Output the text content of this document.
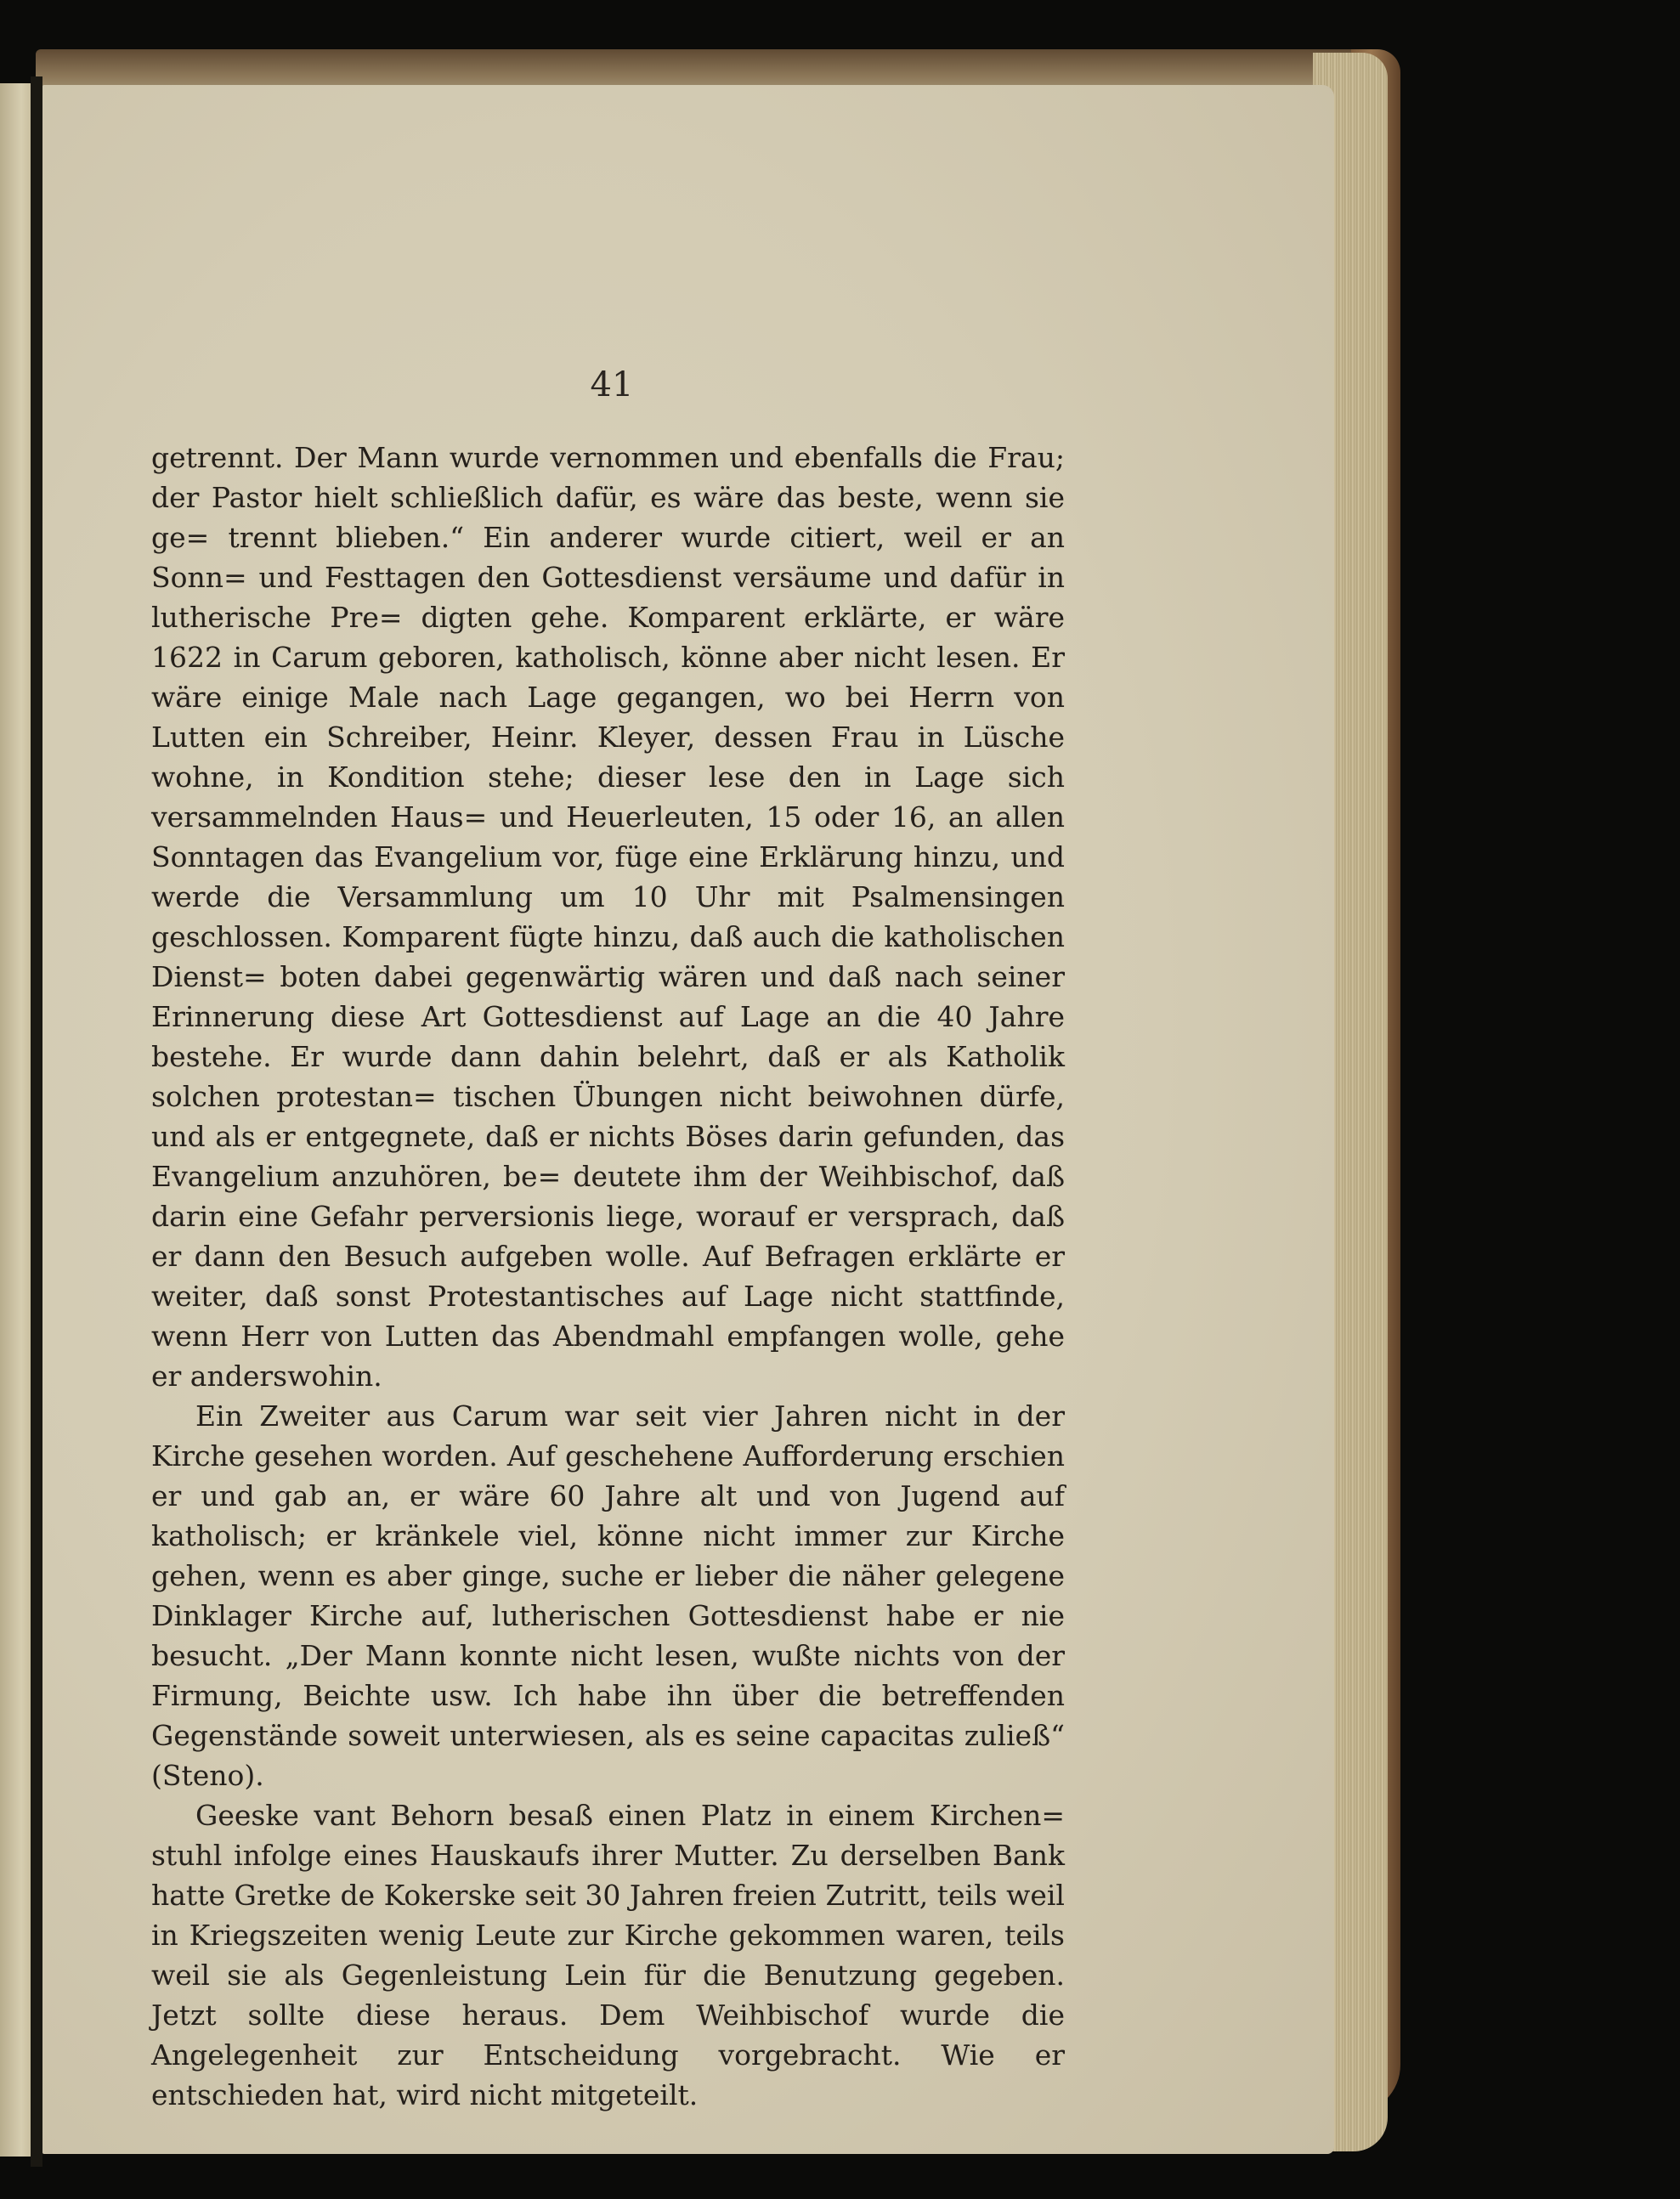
41

getrennt. Der Mann wurde vernommen und ebenfalls die Frau; der Pastor hielt schließlich dafür, es wäre das beste, wenn sie ge= trennt blieben.“ Ein anderer wurde citiert, weil er an Sonn= und Festtagen den Gottesdienst versäume und dafür in lutherische Pre= digten gehe. Komparent erklärte, er wäre 1622 in Carum geboren, katholisch, könne aber nicht lesen. Er wäre einige Male nach Lage gegangen, wo bei Herrn von Lutten ein Schreiber, Heinr. Kleyer, dessen Frau in Lüsche wohne, in Kondition stehe; dieser lese den in Lage sich versammelnden Haus= und Heuerleuten, 15 oder 16, an allen Sonntagen das Evangelium vor, füge eine Erklärung hinzu, und werde die Versammlung um 10 Uhr mit Psalmensingen geschlossen. Komparent fügte hinzu, daß auch die katholischen Dienst= boten dabei gegenwärtig wären und daß nach seiner Erinnerung diese Art Gottesdienst auf Lage an die 40 Jahre bestehe. Er wurde dann dahin belehrt, daß er als Katholik solchen protestan= tischen Übungen nicht beiwohnen dürfe, und als er entgegnete, daß er nichts Böses darin gefunden, das Evangelium anzuhören, be= deutete ihm der Weihbischof, daß darin eine Gefahr perversionis liege, worauf er versprach, daß er dann den Besuch aufgeben wolle. Auf Befragen erklärte er weiter, daß sonst Protestantisches auf Lage nicht stattfinde, wenn Herr von Lutten das Abendmahl empfangen wolle, gehe er anderswohin.

Ein Zweiter aus Carum war seit vier Jahren nicht in der Kirche gesehen worden. Auf geschehene Aufforderung erschien er und gab an, er wäre 60 Jahre alt und von Jugend auf katholisch; er kränkele viel, könne nicht immer zur Kirche gehen, wenn es aber ginge, suche er lieber die näher gelegene Dinklager Kirche auf, lutherischen Gottesdienst habe er nie besucht. „Der Mann konnte nicht lesen, wußte nichts von der Firmung, Beichte usw. Ich habe ihn über die betreffenden Gegenstände soweit unterwiesen, als es seine capacitas zuließ“ (Steno).

Geeske vant Behorn besaß einen Platz in einem Kirchen= stuhl infolge eines Hauskaufs ihrer Mutter. Zu derselben Bank hatte Gretke de Kokerske seit 30 Jahren freien Zutritt, teils weil in Kriegszeiten wenig Leute zur Kirche gekommen waren, teils weil sie als Gegenleistung Lein für die Benutzung gegeben. Jetzt sollte diese heraus. Dem Weihbischof wurde die Angelegenheit zur Entscheidung vorgebracht. Wie er entschieden hat, wird nicht mitgeteilt.
